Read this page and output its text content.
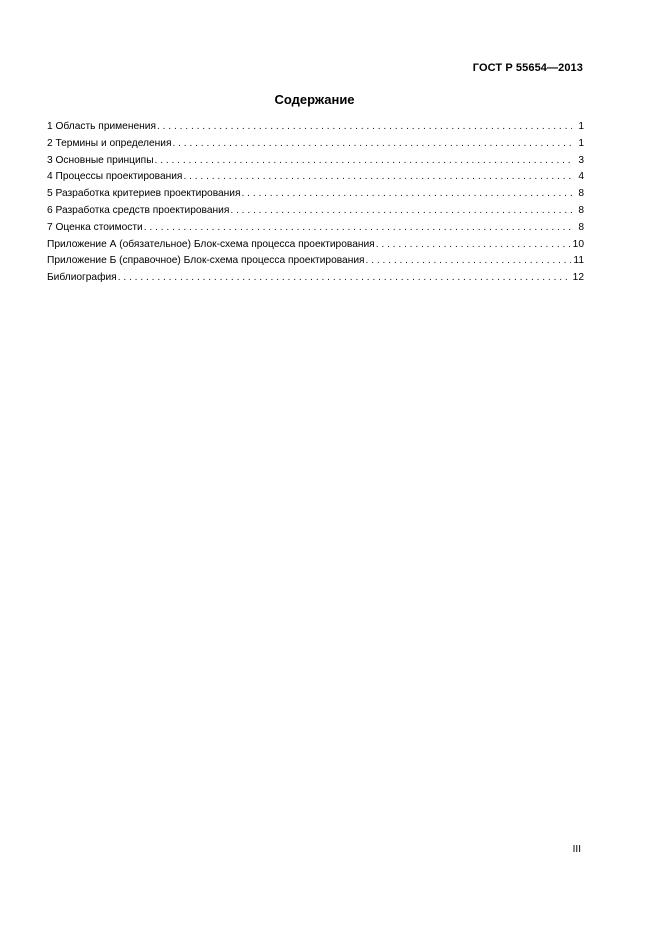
ГОСТ Р 55654—2013
Содержание
1 Область применения . . .	1
2 Термины и определения . . .	1
3 Основные принципы . . .	3
4 Процессы проектирования . . .	4
5 Разработка критериев проектирования . . .	8
6 Разработка средств проектирования . . .	8
7 Оценка стоимости . . .	8
Приложение А (обязательное) Блок-схема процесса проектирования . . .	10
Приложение Б (справочное) Блок-схема процесса проектирования . . .	11
Библиография . . .	12
III
